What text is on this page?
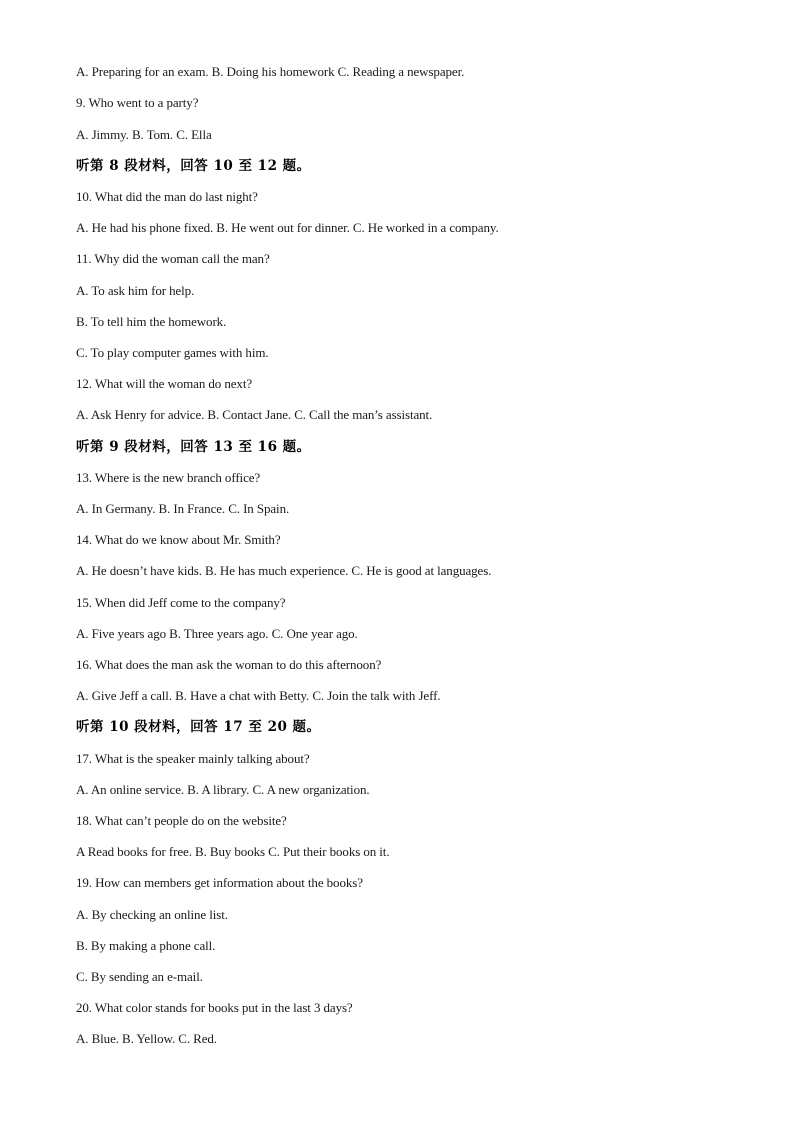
A. Preparing for an exam. B. Doing his homework C. Reading a newspaper.
9. Who went to a party?
A. Jimmy. B. Tom. C. Ella
听第 8 段材料，回答 10 至 12 题。
10. What did the man do last night?
A. He had his phone fixed. B. He went out for dinner. C. He worked in a company.
11. Why did the woman call the man?
A. To ask him for help.
B. To tell him the homework.
C. To play computer games with him.
12. What will the woman do next?
A. Ask Henry for advice. B. Contact Jane. C. Call the man’s assistant.
听第 9 段材料，回答 13 至 16 题。
13. Where is the new branch office?
A. In Germany. B. In France. C. In Spain.
14. What do we know about Mr. Smith?
A. He doesn’t have kids. B. He has much experience. C. He is good at languages.
15. When did Jeff come to the company?
A. Five years ago B. Three years ago. C. One year ago.
16. What does the man ask the woman to do this afternoon?
A. Give Jeff a call. B. Have a chat with Betty. C. Join the talk with Jeff.
听第 10 段材料，回答 17 至 20 题。
17. What is the speaker mainly talking about?
A. An online service. B. A library. C. A new organization.
18. What can’t people do on the website?
A Read books for free. B. Buy books C. Put their books on it.
19. How can members get information about the books?
A. By checking an online list.
B. By making a phone call.
C. By sending an e-mail.
20. What color stands for books put in the last 3 days?
A. Blue. B. Yellow. C. Red.
